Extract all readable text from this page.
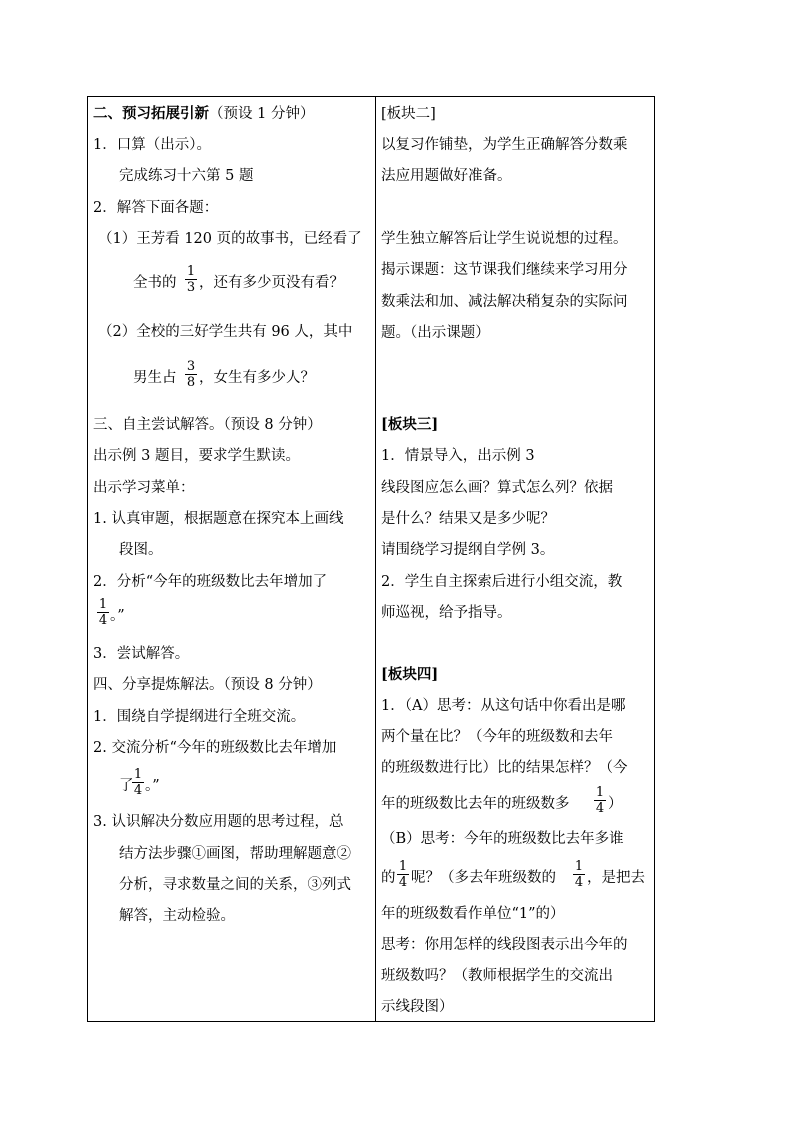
二、预习拓展引新（预设 1 分钟）
1．口算（出示）。
完成练习十六第 5 题
2．解答下面各题：
（1）王芳看 120 页的故事书，已经看了
全书的
1
3 ，还有多少页没有看？
（2）全校的三好学生共有 96 人，其中
男生占
3
8 ，女生有多少人？
三、自主尝试解答。（预设 8 分钟）
出示例 3 题目，要求学生默读。
出示学习菜单：
1. 认真审题，根据题意在探究本上画线
段图。
2．分析“今年的班级数比去年增加了
1
4 。”
3．尝试解答。
四、分享提炼解法。（预设 8 分钟）
1．围绕自学提纲进行全班交流。
2. 交流分析“今年的班级数比去年增加
了
1
4 。”
3. 认识解决分数应用题的思考过程，总
结方法步骤①画图，帮助理解题意②
分析，寻求数量之间的关系，③列式
解答，主动检验。
[板块二]
以复习作铺垫，为学生正确解答分数乘
法应用题做好准备。
学生独立解答后让学生说说想的过程。
揭示课题：这节课我们继续来学习用分
数乘法和加、减法解决稍复杂的实际问
题。（出示课题）
[板块三]
1．情景导入，出示例 3
线段图应怎么画？算式怎么列？依据
是什么？结果又是多少呢？
请围绕学习提纲自学例 3。
2．学生自主探索后进行小组交流，教
师巡视，给予指导。
[板块四]
1．（A）思考：从这句话中你看出是哪
两个量在比？（今年的班级数和去年
的班级数进行比）比的结果怎样？（今
年的班级数比去年的班级数多
1
4 ）
（B）思考：今年的班级数比去年多谁
的
1
4 呢？（多去年班级数的
1
4 ，是把去
年的班级数看作单位“1”的）
思考：你用怎样的线段图表示出今年的
班级数吗？（教师根据学生的交流出
示线段图）
